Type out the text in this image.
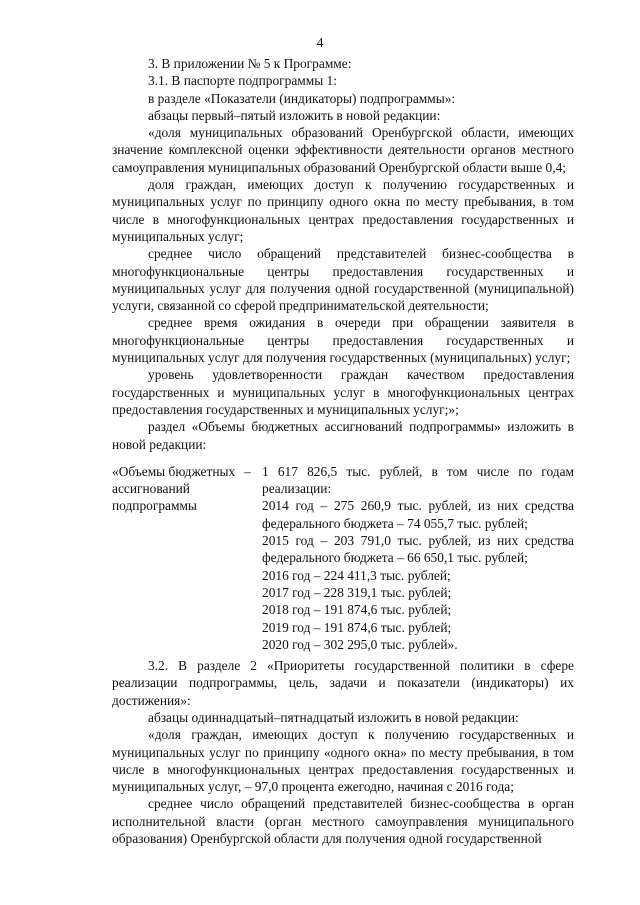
4

3. В приложении № 5 к Программе:

3.1. В паспорте подпрограммы 1:

в разделе «Показатели (индикаторы) подпрограммы»:

абзацы первый–пятый изложить в новой редакции:

«доля муниципальных образований Оренбургской области, имеющих значение комплексной оценки эффективности деятельности органов местного самоуправления муниципальных образований Оренбургской области выше 0,4;

доля граждан, имеющих доступ к получению государственных и муниципальных услуг по принципу одного окна по месту пребывания, в том числе в многофункциональных центрах предоставления государственных и муниципальных услуг;

среднее число обращений представителей бизнес-сообщества в многофункциональные центры предоставления государственных и муниципальных услуг для получения одной государственной (муниципальной) услуги, связанной со сферой предпринимательской деятельности;

среднее время ожидания в очереди при обращении заявителя в многофункциональные центры предоставления государственных и муниципальных услуг для получения государственных (муниципальных) услуг;

уровень удовлетворенности граждан качеством предоставления государственных и муниципальных услуг в многофункциональных центрах предоставления государственных и муниципальных услуг;»;

раздел «Объемы бюджетных ассигнований подпрограммы» изложить в новой редакции:

«Объемы бюджетных
ассигнований
подпрограммы
– 1 617 826,5 тыс. рублей, в том числе по годам реализации:
2014 год – 275 260,9 тыс. рублей, из них средства федерального бюджета – 74 055,7 тыс. рублей;
2015 год – 203 791,0 тыс. рублей, из них средства федерального бюджета – 66 650,1 тыс. рублей;
2016 год – 224 411,3 тыс. рублей;
2017 год – 228 319,1 тыс. рублей;
2018 год – 191 874,6 тыс. рублей;
2019 год – 191 874,6 тыс. рублей;
2020 год – 302 295,0 тыс. рублей».

3.2. В разделе 2 «Приоритеты государственной политики в сфере реализации подпрограммы, цель, задачи и показатели (индикаторы) их достижения»:

абзацы одиннадцатый–пятнадцатый изложить в новой редакции:

«доля граждан, имеющих доступ к получению государственных и муниципальных услуг по принципу «одного окна» по месту пребывания, в том числе в многофункциональных центрах предоставления государственных и муниципальных услуг, – 97,0 процента ежегодно, начиная с 2016 года;

среднее число обращений представителей бизнес-сообщества в орган исполнительной власти (орган местного самоуправления муниципального образования) Оренбургской области для получения одной государственной
